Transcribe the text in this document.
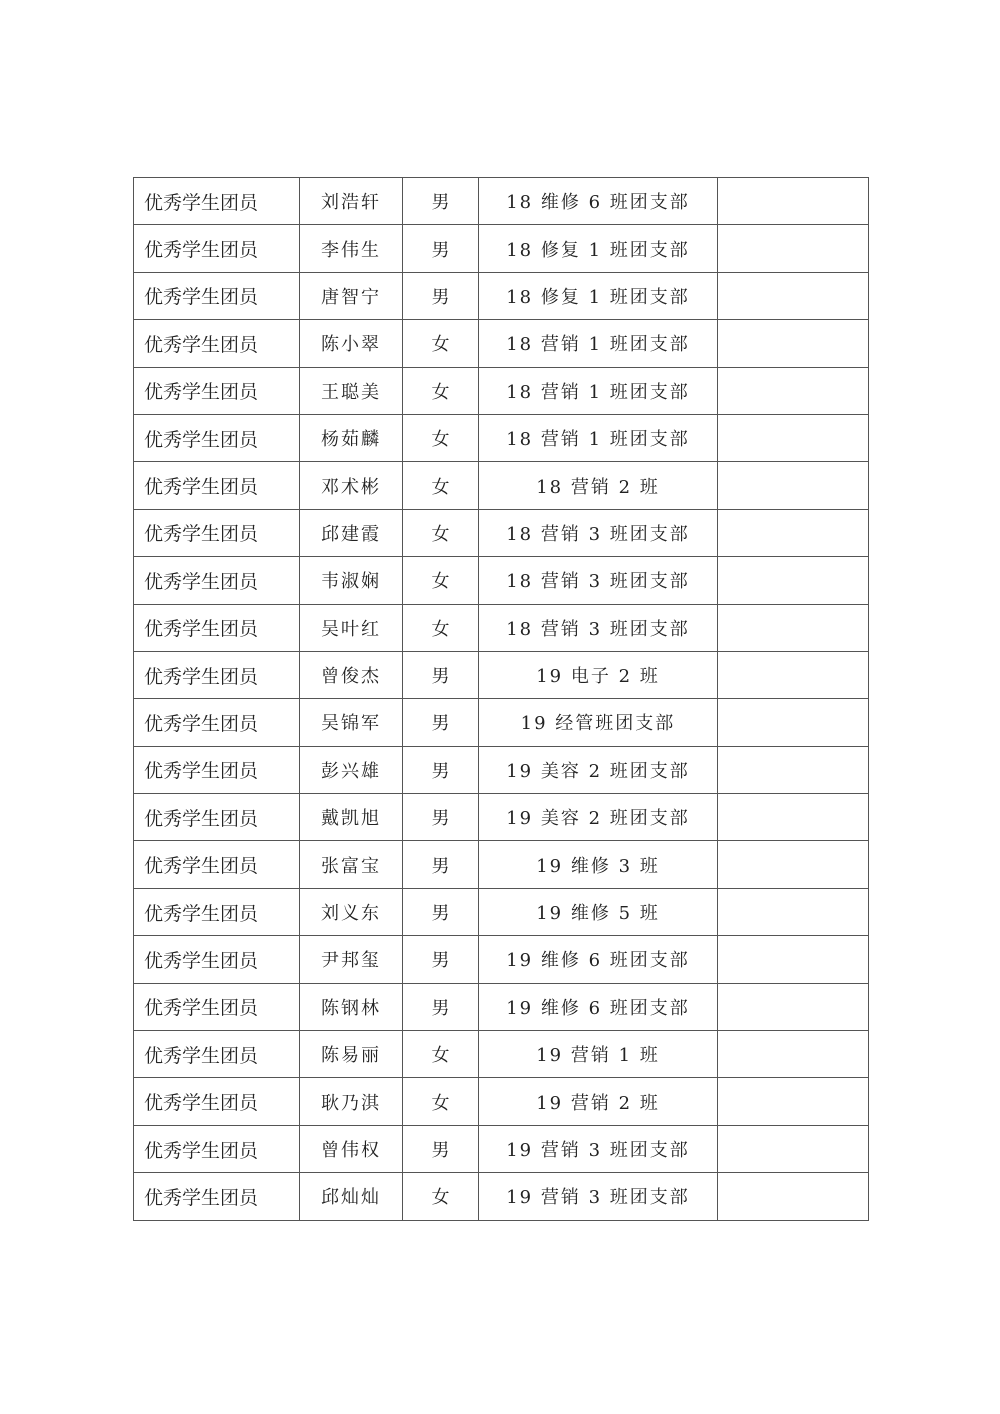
优秀学生团员	刘浩轩	男	18 维修 6 班团支部	
优秀学生团员	李伟生	男	18 修复 1 班团支部	
优秀学生团员	唐智宁	男	18 修复 1 班团支部	
优秀学生团员	陈小翠	女	18 营销 1 班团支部	
优秀学生团员	王聪美	女	18 营销 1 班团支部	
优秀学生团员	杨茹麟	女	18 营销 1 班团支部	
优秀学生团员	邓术彬	女	18 营销 2 班	
优秀学生团员	邱建霞	女	18 营销 3 班团支部	
优秀学生团员	韦淑娴	女	18 营销 3 班团支部	
优秀学生团员	吴叶红	女	18 营销 3 班团支部	
优秀学生团员	曾俊杰	男	19 电子 2 班	
优秀学生团员	吴锦军	男	19 经管班团支部	
优秀学生团员	彭兴雄	男	19 美容 2 班团支部	
优秀学生团员	戴凯旭	男	19 美容 2 班团支部	
优秀学生团员	张富宝	男	19 维修 3 班	
优秀学生团员	刘义东	男	19 维修 5 班	
优秀学生团员	尹邦玺	男	19 维修 6 班团支部	
优秀学生团员	陈钢林	男	19 维修 6 班团支部	
优秀学生团员	陈易丽	女	19 营销 1 班	
优秀学生团员	耿乃淇	女	19 营销 2 班	
优秀学生团员	曾伟权	男	19 营销 3 班团支部	
优秀学生团员	邱灿灿	女	19 营销 3 班团支部	
